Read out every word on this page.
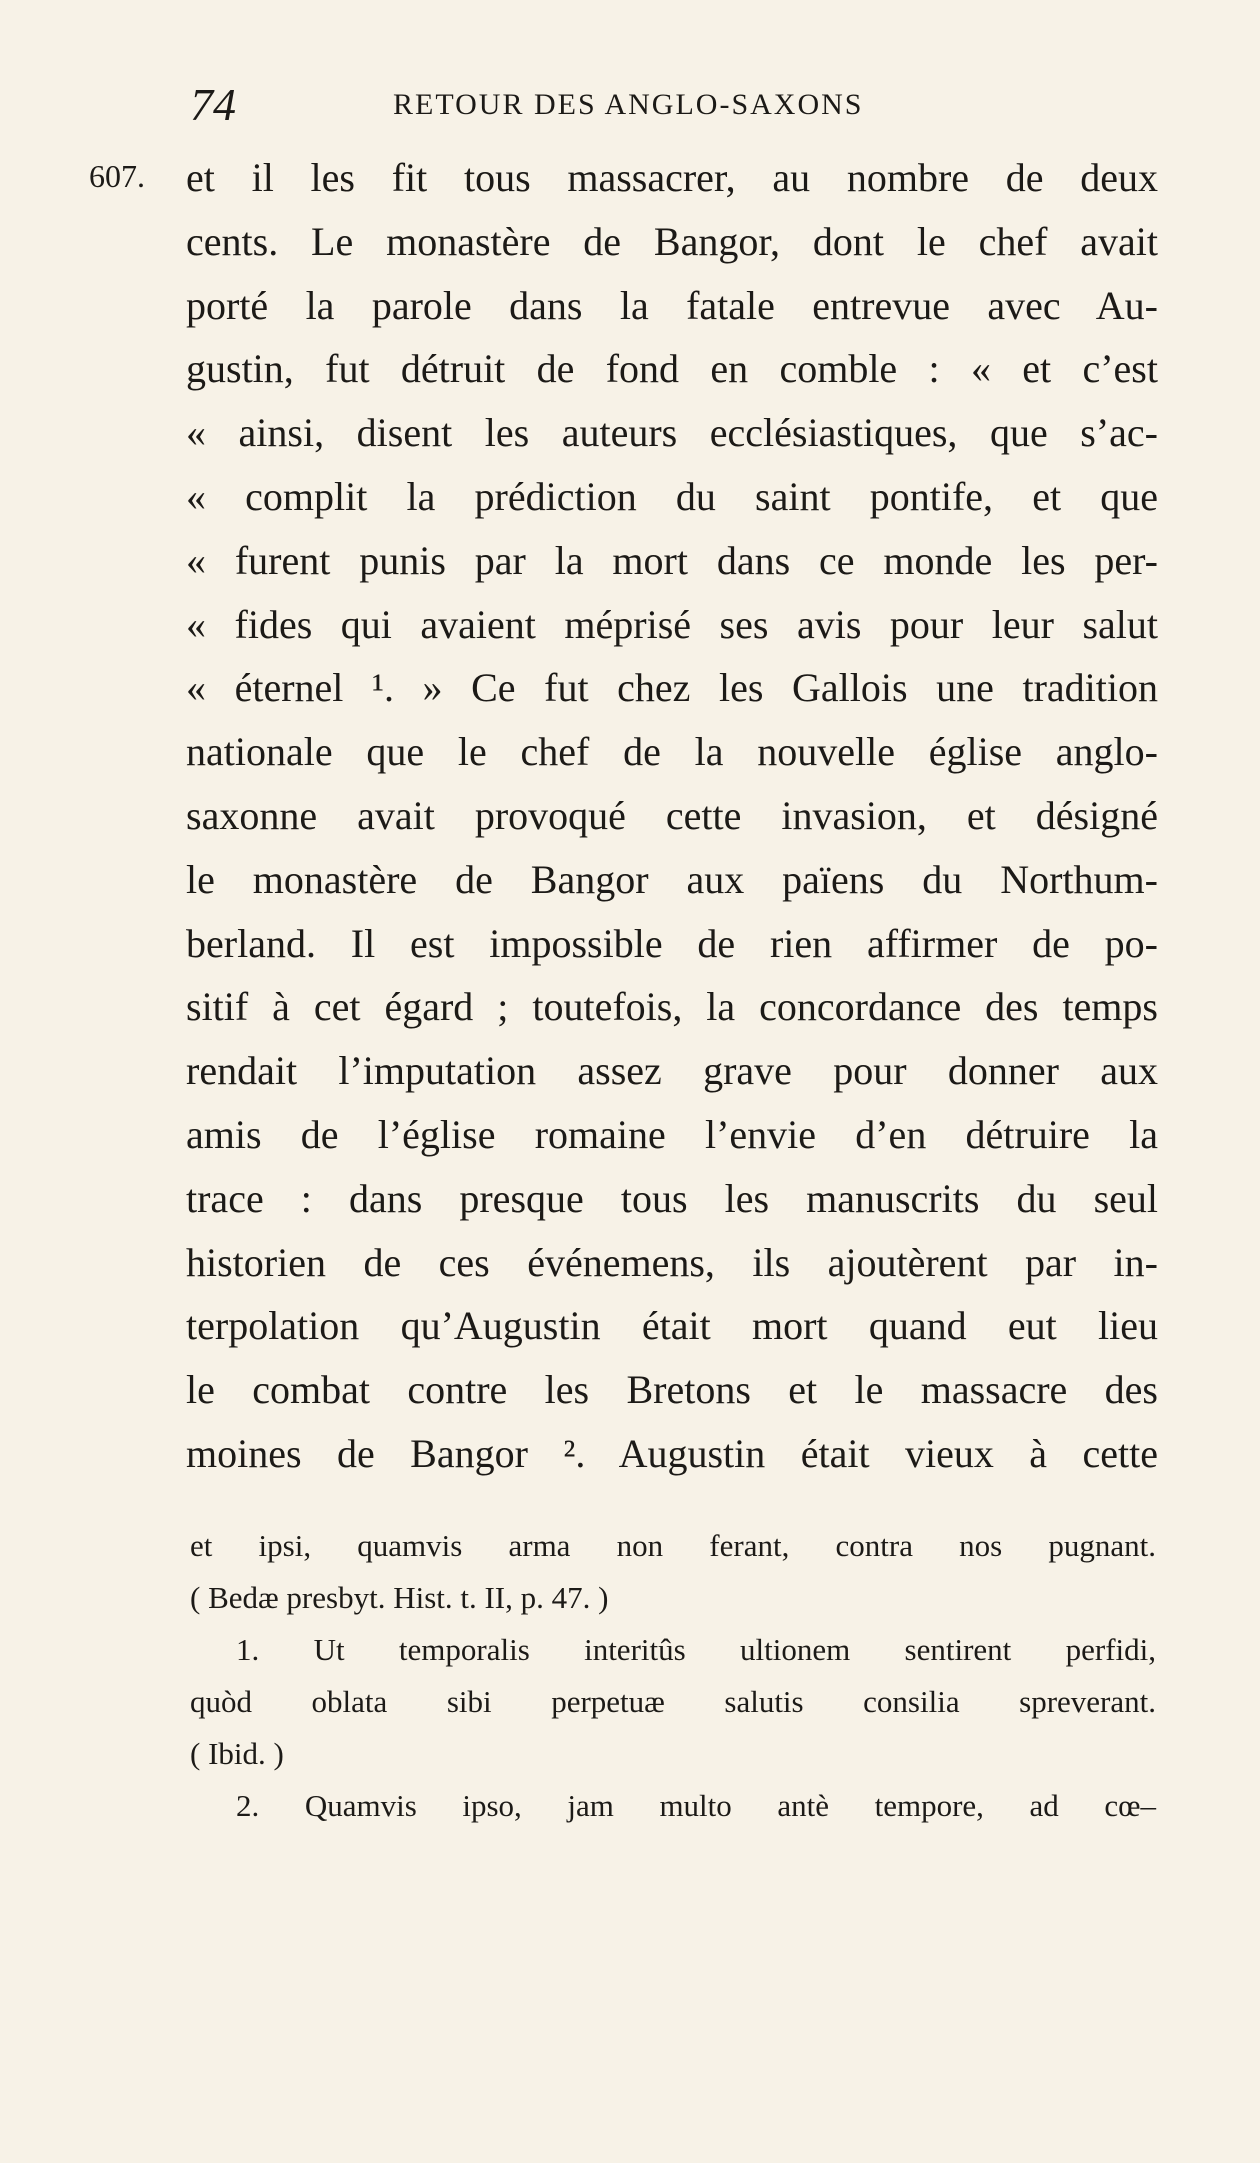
74	RETOUR DES ANGLO-SAXONS
607. et il les fit tous massacrer, au nombre de deux
cents. Le monastère de Bangor, dont le chef avait
porté la parole dans la fatale entrevue avec Au-
gustin, fut détruit de fond en comble : « et c’est
« ainsi, disent les auteurs ecclésiastiques, que s’ac-
« complit la prédiction du saint pontife, et que
« furent punis par la mort dans ce monde les per-
« fides qui avaient méprisé ses avis pour leur salut
« éternel ¹. » Ce fut chez les Gallois une tradition
nationale que le chef de la nouvelle église anglo-
saxonne avait provoqué cette invasion, et désigné
le monastère de Bangor aux païens du Northum-
berland. Il est impossible de rien affirmer de po-
sitif à cet égard ; toutefois, la concordance des temps
rendait l’imputation assez grave pour donner aux
amis de l’église romaine l’envie d’en détruire la
trace : dans presque tous les manuscrits du seul
historien de ces événemens, ils ajoutèrent par in-
terpolation qu’Augustin était mort quand eut lieu
le combat contre les Bretons et le massacre des
moines de Bangor ². Augustin était vieux à cette
et ipsi, quamvis arma non ferant, contra nos pugnant.
( Bedæ presbyt. Hist. t. II, p. 47. )
1. Ut temporalis interitûs ultionem sentirent perfidi,
quòd oblata sibi perpetuæ salutis consilia spreverant.
( Ibid. )
2. Quamvis ipso, jam multo antè tempore, ad cœ–
